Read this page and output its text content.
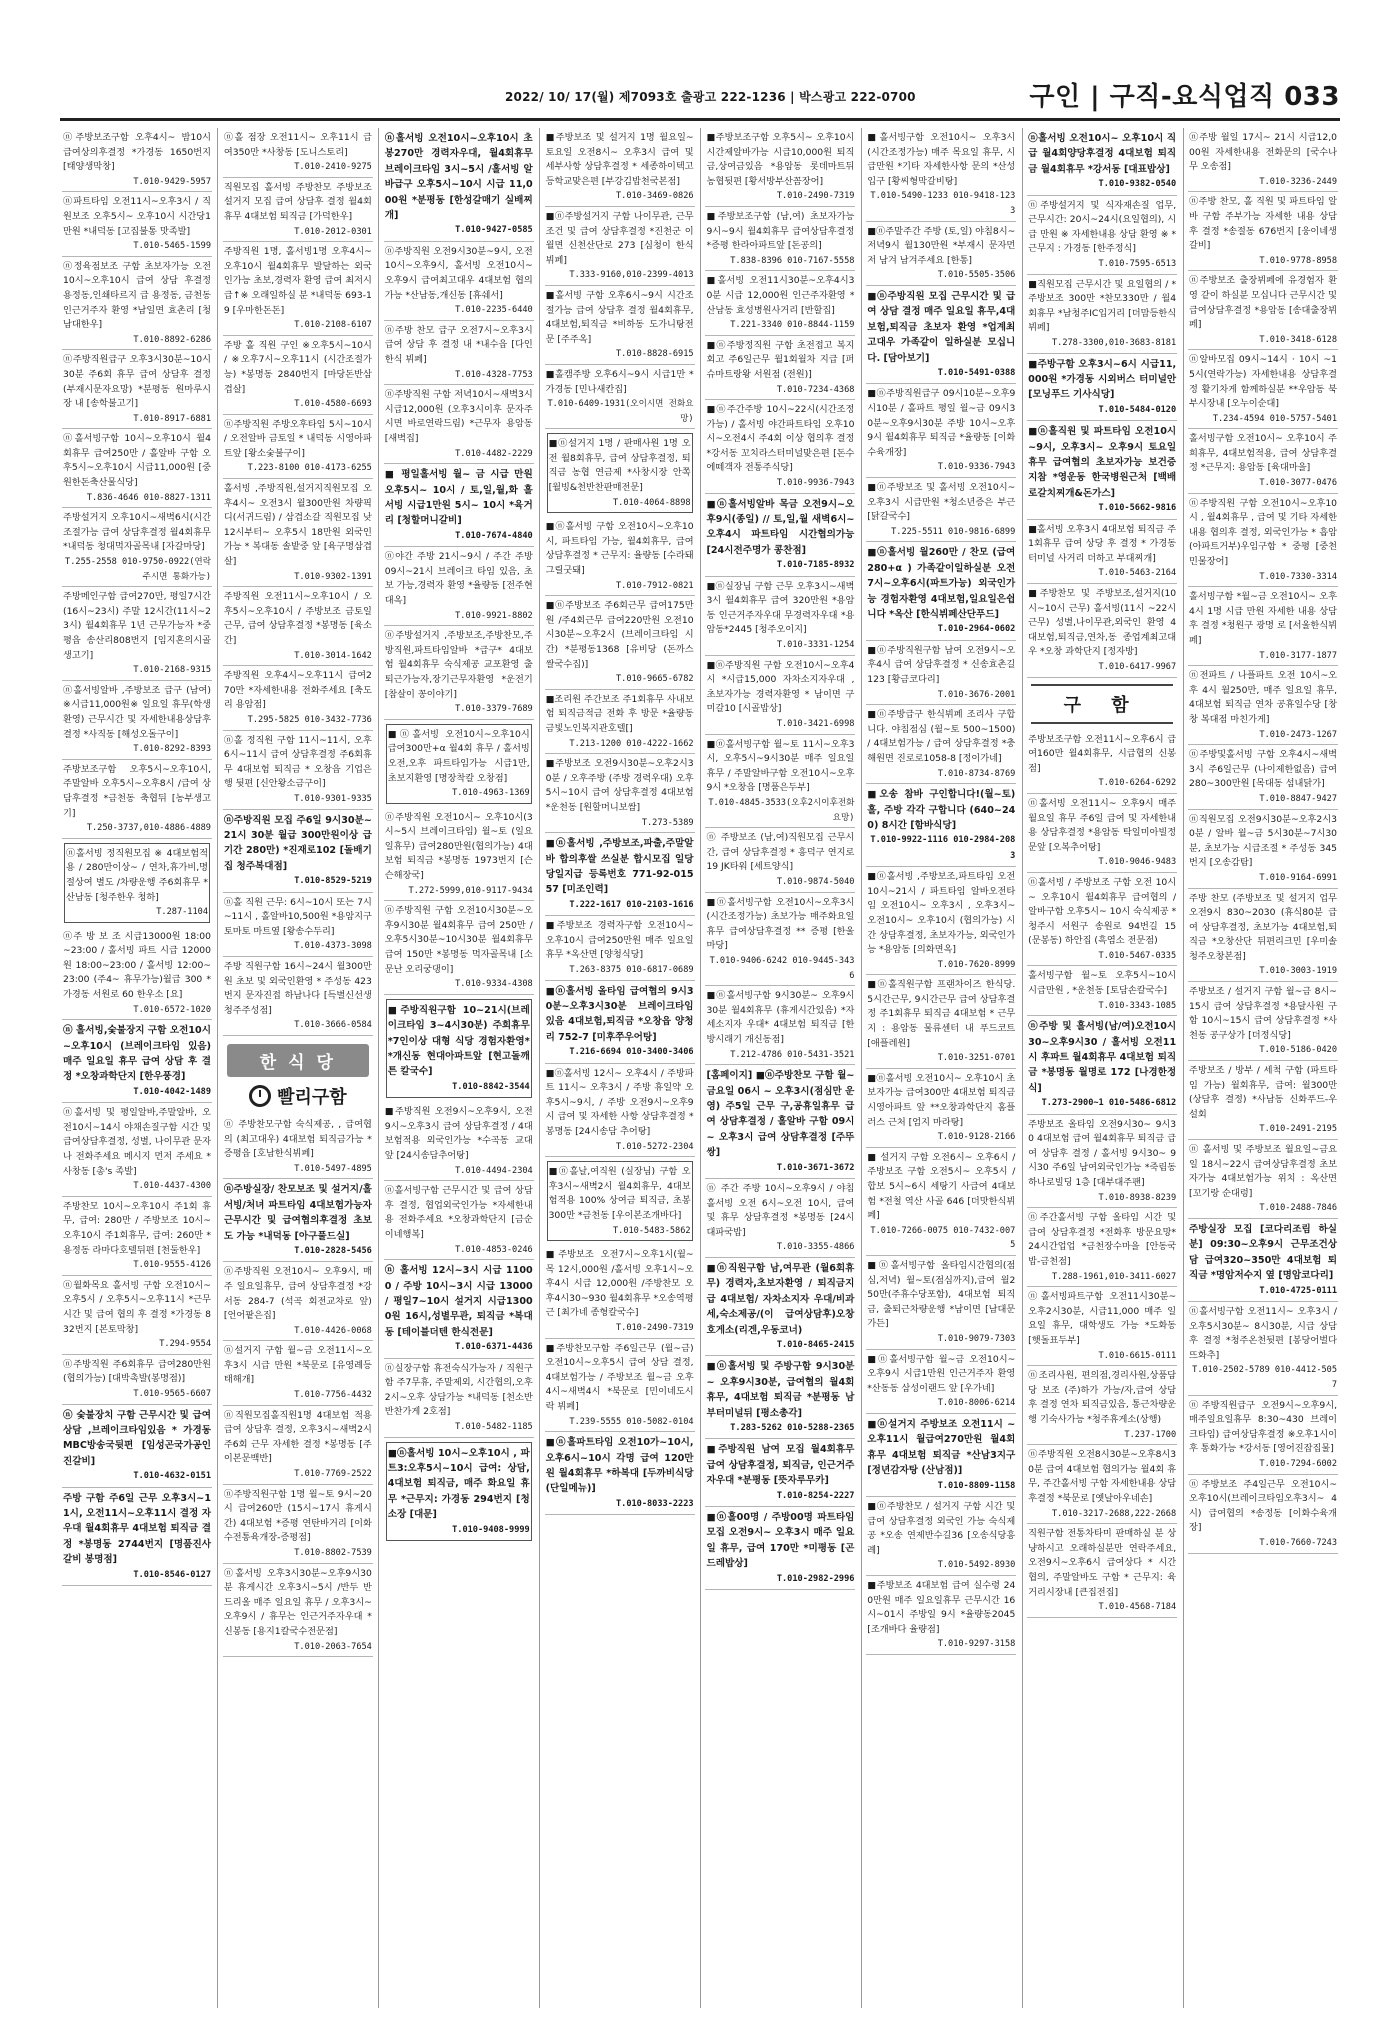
2022/ 10/ 17(월) 제7093호 출광고 222-1236 | 박스광고 222-0700	구인 | 구직-요식업직 033
ⓝ주방보조구함 오후4시~ 밤10시 급여상의후결정 *가경동 1650번지 [태양생막창]
T.010-9429-5957
ⓝ파트타임 오전11시~오후3시 / 직원보조 오후5시~ 오후10시 시간당1만원 *내덕동 [고집불통 맛족발]
T.010-5465-1599
ⓝ정육점보조 구함 초보자가능 오전10시~오후10시 급여 상담 후결정 용정동,인쇄타르지 급 용정동, 금천동 인근거주자 환영 *남일면 효촌리 [청남대한우]
T.010-8892-6286
ⓝ주방직원급구 오후3시30분~10시30분 주6회 휴무 급여 상담후 결정 (부재시문자요망) *분평동 원마루시장 내 [송학불고기]
T.010-8917-6881
ⓝ홀서빙구함 10시~오후10시 월4회휴무 급여250만 / 홀알바 구함 오후5시~오후10시 시급11,000원 [중원한돈축산물식당]
T.836-4646 010-8827-1311
주방설거지 오후10시~새벽6시(시간조절가능 급여 상담후결정 월4회휴무 *내덕동 청대먹자골목내 [자갈마당]
T.255-2558 010-9750-0922(연락주시면 통화가능)
주방메인구함 급여270만, 평일7시간(16시~23시) 주말 12시간(11시~23시) 월4회휴무 1년 근무가능자 *중평읍 송산리808번지 [임지혼의시골생고기]
T.010-2168-9315
ⓝ홀서빙알바 ,주방보조 급구 (남여) ※시급11,000원※ 일요일 휴무(학생환영) 근무시간 및 자세한내용상담후결정 *사직동 [해성오돌구이]
T.010-8292-8393
주방보조구함 오후5시~오후10시, 주말알바 오후5시~오후8시 /급여 상담후결정 *금천동 축협뒤 [농부생고기]
T.250-3737,010-4886-4889
ⓝ홀서빙 정직원모집 ※ 4대보험적용 / 280만이상~ / 연차,휴가비,명절상여 별도 /차량운행 주6회휴무 *산남동 [청주한우 청하]
T.287-1104
ⓝ주 방 보 조 시급13000원 18:00~23:00 / 홀서빙 파트 시급 12000원 18:00~23:00 / 홀서빙 12:00~23:00 (주4~ 휴무가능)월급 300 *가경동 서원로 60 한우소 [요]
T.010-6572-1020
ⓝ 홀서빙,숯불장지 구함 오전10시~오후10시 (브레이크타임 있음) 매주 일요일 휴무 급여 상담 후 결정 *오창과학단지 [한우풍경]
T.010-4042-1489
ⓝ홀서빙 및 평일알바,주말알바, 오전10시~14시 야채손질구함 시간 및 급여상담후결정, 성별, 나이무관 문자나 전화주세요 메시지 먼저 주세요 *사창동 [총's 족발]
T.010-4437-4300
주방찬모 10시~오후10시 주1회 휴무, 급여: 280만 / 주방보조 10시~오후10시 주1회휴무, 급여: 260만 *용정동 라마다호텔뒤편 [천둘한우]
T.010-9555-4126
ⓝ월화목요 홀서빙 구함 오전10시~오후5시 / 오후5시~오후11시 *근무시간 및 급여 협의 후 결정 *가경동 832번지 [본토막창]
T.294-9554
ⓝ주방직원 주6회휴무 급여280만원(협의가능) [대박촉발(봉명점)]
T.010-9565-6607
ⓝ 숯불장치 구함 근무시간 및 급여 상담 ,브레이크타임있음 * 가경동 MBC방송국뒷편 [임성곤국가공인진갈비]
T.010-4632-0151
주방 구함 주6일 근무 오후3시~11시, 오전11시~오후11시 결정 자 우대 월4회휴무 4대보험 퇴직금 결정 *봉명동 2744번지 [명품진사갈비 봉명점]
T.010-8546-0127
ⓝ홀 점장 오전11시~ 오후11시 급여350만 *사창동 [도니스토리]
T.010-2410-9275
직원모집 홀서빙 주방찬모 주방보조 설거지 모집 급여 상담후 결정 월4회휴무 4대보험 퇴직금 [가덕한우]
T.010-2012-0301
주방직원 1명, 홀서빙1명 오후4시~오후10시 월4회휴무 발달하는 외국인가능 초보,경력자 환영 급여 최저시급↑※ 오래일하실 분 *내덕동 693-19 [우마한돈돈]
T.010-2108-6107
주방 홀 직원 구인 ※오후5시~10시 / ※오후7시~오후11시 (시간조절가능) *봉명동 2840번지 [마당돈반삼겹살]
T.010-4580-6693
ⓝ주방직원 주방오후타임 5시~10시 / 오전알바 금토일 * 내덕동 시영아파트앞 [왕소숯불구이]
T.223-8100 010-4173-6255
홀서빙 ,주방직원,설거지직원모집 오후4시~ 오전3시 월300만원 차량픽디(서귀드림) / 삼겹소갈 직원모집 낮12시부터~ 오후5시 18만원 외국인가능 * 복대동 솔밭중 앞 [육구명삼겹살]
T.010-9302-1391
주방직원 오전11시~오후10시 / 오후5시~오후10시 / 주방보조 금토일 근무, 급여 상담후결정 *봉명동 [육소간]
T.010-3014-1642
주방직원 오후4시~오후11시 급여270만 *자세한내용 전화주세요 [축도리 용암점]
T.295-5825 010-3432-7736
ⓝ홀 정직원 구함 11시~11시, 오후6시~11시 급여 상담후결정 주6회휴무 4대보험 퇴직금 * 오창읍 기업은행 뒷편 [신안왕소금구이]
T.010-9301-9335
ⓝ주방직원 모집 주6일 9시30분~21시 30분 월급 300만원이상 급기간 280만) *진재로102 [돌배기집 청주복대점]
T.010-8529-5219
ⓝ홀 직원 근무: 6시~10시 또는 7시~11시 , 홀알바10,500원 *용암지구 토마토 마트옆 [왕송수두리]
T.010-4373-3098
주방 직원구함 16시~24시 월300만원 초보 및 외국인환영 * 주성동 423번지 문자진접 하남나다 [득별신선생 청주주성점]
T.010-3666-0584
한 식 당
빨리구함
ⓝ 주방찬모구함 숙식제공, , 급여협의 (최고대우) 4대보험 퇴직금가능 *증평읍 [호남한식뷔페]
T.010-5497-4895
ⓝ주방실장/ 찬모보조 및 설거지/홀서빙/처녀 파트타임 4대보험가능자 근무시간 및 급여협의후결정 초보도 가능 *내덕동 [아구풀드실]
T.010-2828-5456
ⓝ주방직원 오전10시~ 오후9시, 매주 일요일휴무, 급여 상담후결정 *강서동 284-7 (석곡 회전교차로 앞) [언어팥은집]
T.010-4426-0068
ⓝ설거지 구함 월~금 오전11시~오후3시 시급 만원 *북문로 [유영례등태해개]
T.010-7756-4432
ⓝ직원모집홀직원1명 4대보험 적용 급여 상담후 결정, 오후3시~새벽2시 주6회 근무 자세한 결정 *봉명동 [주이본문백반]
T.010-7769-2522
ⓝ주방직원구함 1명 월~토 9시~20시 급여260만 (15시~17시 휴게시간) 4대보험 *증평 연탄바거리 [이화수전통육개장-증평점]
T.010-8802-7539
ⓝ홀서빙 오후3시30분~오후9시30분 휴게시간 오후3시~5시 /반두 반드리올 매주 일요일 휴무 / 오후3시~오후9시 / 휴무는 인근거주자우대 *신봉동 [용지1칼국수전문점]
T.010-2063-7654
ⓝ홀서빙 오전10시~오후10시 초봉270만 경력자우대, 월4회휴무 브레이크타임 3시~5시 /홀서빙 알바급구 오후5시~10시 시급 11,000원 *분평동 [한성갈매기 실배찌개]
T.010-9427-0585
ⓝ주방직원 오전9시30분~9시, 오전10시~오후9시, 홀서빙 오전10시~오후9시 급여최고대우 4대보험 협의 가능 *산남동,개신동 [휴쉐서]
T.010-2235-6440
ⓝ주방 찬모 급구 오전7시~오후3시 급여 상담 후 결정 내 *내수읍 [다인 한식 뷔페]
T.010-4328-7753
ⓝ주방직원 구함 저녁10시~새벽3시 시급12,000원 (오후3시이후 문자주시면 바로연락드림) *근무자 용암동 [새벽집]
T.010-4482-2229
■ 평일홀서빙 월~ 금 시급 만원 오후5시~ 10시 / 토,일,월,화 홀서빙 시급1만원 5시~ 10시 *육거리 [청할머니갈비]
T.010-7674-4840
ⓝ야간 주방 21시~9시 / 주간 주방 09시~21시 브레이크 타임 있음, 초보 가능,경력자 환영 *율량동 [전주현대옥]
T.010-9921-8802
ⓝ주방설거지 ,주방보조,주방찬모,주방직원,파트타임알바 *급구* 4대보험 월4회휴무 숙식제공 교포환영 출퇴근가능자,장기근무자환영 *운전기 [참살이 꽁이야기]
T.010-3379-7689
■ⓝ홀서빙 오전10시~오후10시 급여300만+α 월4회 휴무 / 홀서빙 오전,오후 파트타임가능 시급1만, 초보지환영 [명장착칼 오창점]
T.010-4963-1369
ⓝ주방직원 오전10시~ 오후10시(3시~5시 브레이크타임) 월~토 (일요일휴무) 급여280만원(협의가능) 4대보험 퇴직금 *봉명동 1973번지 [슨슨해장국]
T.272-5999,010-9117-9434
ⓝ주방직원 구함 오전10시30분~오후9시30분 월4회휴무 급여 250만 / 오후5시30분~10시30분 월4회휴무 급여 150만 *봉명동 먹자골목내 [소문난 오리궁댕이]
T.010-9334-4308
■주방직원구함 10~21시(브레이크타임 3~4시30분) 주희휴무 *7인이상 대형 식당 경험자환영* *개신동 현대아파트앞 [현고돌깨튼 칼국수]
T.010-8842-3544
■주방직원 오전9시~오후9시, 오전9시~오후3시 급여 상담후결정 / 4대보험적용 외국인가능 *수곡동 교대 앞 [24시송담추어탕]
T.010-4494-2304
ⓝ홀서빙구함 근무시간 및 급여 상담 후 결정, 협업외국인가능 *자세한내용 전화주세요 *오창과학단지 [금순이네행복]
T.010-4853-0246
ⓝ 홀서빙 12시~3시 시급 11000 / 주방 10시~3시 시급 13000 / 평일7~10시 설거지 시급13000원 16시,성별무관, 퇴직금 *복대동 [테이블더텐 한식전문]
T.010-6371-4436
ⓝ실장구함 휴전숙식가능자 / 직원구함 주7무휴, 주말제외, 시간협의,오후2시~오후 상담가능 *내덕동 [천소반 반찬가게 2호점]
T.010-5482-1185
■ⓝ홀서빙 10시~오후10시 , 파트3:오후5시~10시 급여: 상담, 4대보험 퇴직금, 매주 화요일 휴무 *근무지: 가경동 294번지 [청소장 [대문]
T.010-9408-9999
■주방보조 및 설거지 1명 월요일~토요일 오전8시~ 오후3시 급여 및 세부사항 상담후결정 * 세종하이텍고등학교맞은편 [부강김밥천국본점]
T.010-3469-0826
■ⓝ주방설거지 구함 나이무관, 근무 조건 및 급여 상담후결정 *진천군 이월면 신천산단로 273 [심청이 한식뷔페]
T.333-9160,010-2399-4013
■홀서빙 구함 오후6시~9시 시간조절가능 급여 상담후 결정 월4회휴무,4대보험,퇴직금 *비하동 도가니탕전문 [주주옥]
T.010-8828-6915
■홀캠주방 오후6시~9시 시급1만 *가경동 [민나새칸집]
T.010-6409-1931(오이시면 전화요망)
■ⓝ설거지 1명 / 판매사원 1명 오전 월8회휴무, 급여 상담후결정, 퇴직금 농협 연금제 *사창시장 안쪽 [월빙&천반찬판매전문]
T.010-4064-8898
■ⓝ홀서빙 구함 오전10시~오후10시, 파트타임 가능, 월4회휴무, 급여 상담후결정 * 근무지: 율량동 [수라돼그릴굿돼]
T.010-7912-0821
■ⓝ주방보조 주6회근무 급여175만원 /주4회근무 급여220만원 오전10시30분~오후2시 (브레이크타임 시간) *분평동1368 [유비당 (돈까스 쌀국수집)]
T.010-9665-6782
■조리원 주간보조 주1회휴무 사내보험 퇴직금적금 전화 후 방문 *율량동 금빛노인복지관호텔[]
T.213-1200 010-4222-1662
■주방보조 오전9시30분~오후2시30분 / 오후주방 (주방 경력우대) 오후5시~10시 급여 상담후결정 4대보험 *운천동 [원할머니보쌈]
T.273-5389
■ⓝ홀서빙 ,주방보조,파출,주말알바 합의후쌀 쓰실분 합시모집 일당 당일지급 등록번호 771-92-01557 [미조인력]
T.222-1617 010-2103-1616
■주방보조 경력자구함 오전10시~오후10시 급여250만원 매주 일요일휴무 *옥산면 [양청식당]
T.263-8375 010-6817-0689
■ⓝ홀서빙 올타임 급여협의 9시30분~오후3시30분 브레이크타임 있음 4대보험,퇴직금 *오창읍 양청리 752-7 [미후쭈우어탕]
T.216-6694 010-3400-3406
■ⓝ홀서빙 12시~ 오후4시 / 주방파트 11시~ 오후3시 / 주방 휴일약 오후5시~9시, / 주방 오전9시~오후9시 급여 및 자세한 사항 상담후결정 *봉명동 [24시송담 추어탕]
T.010-5272-2304
■ⓝ홀날,여직원 (실장님) 구함 오후3시~새벽2시 월4회휴무, 4대보험적용 100% 상여금 퇴직금, 초봉300만 *금천동 [우이본조개바다]
T.010-5483-5862
■주방보조 오전7시~오후1시(월~목 12시,000원 /홀서빙 오후1시~오후4시 시급 12,000원 /주방찬모 오후4시30~930 월4회휴무 *오송역평근 [최가네 종형칼국수]
T.010-2490-7319
■주방찬모구함 주6일근무 (월~금) 오전10시~오후5시 급여 상담 결정, 4대보험가능 / 주방보조 월~금 오후4시~새벽4시 *북문로 [민이네도시락 뷔페]
T.239-5555 010-5082-0104
■ⓝ홀파트타임 오전10가~10시, 오후6시~10시 각명 급여 120만원 월4회휴무 *하복대 [두까비식당(단일메뉴)]
T.010-8033-2223
■주방보조구함 오후5시~ 오후10시 시간제알바가능 시급10,000원 퇴직금,상여금있음 *용암동 롯데마트뒤 농협뒷편 [황서방부산꼼장어]
T.010-2490-7319
■주방보조구함 (남,여) 초보자가능 9시~9시 월4회휴무 급여상담후결정 *증평 한라아파트앞 [돈공의]
T.838-8396 010-7167-5558
■홀서빙 오전11시30분~오후4시30분 시급 12,000원 인근주자환영 *산남동 효성병원사거리 [반할집]
T.221-3340 010-8844-1159
■ⓝ주방정직원 구함 초전접고 복지회고 주6일근무 월1회월차 지급 [퍼슈마트랑왕 서원점 (전원)]
T.010-7234-4368
■ⓝ주간주방 10시~22시(시간조정가능) / 홀서빙 야간파트타임 오후10시~오전4시 주4회 이상 협의후 결정 *강서동 꼬치라스터미널맞은편 [돈수에떼객자 전통주식당]
T.010-9936-7943
■ⓝ홀서빙알바 목금 오전9시~오후9시(종일) // 토,일,월 새벽6시~ 오후4시 파트타임 시간협의가능 [24시전주명가 콩찬점]
T.010-7185-8932
■ⓝ실장님 구함 근무 오후3시~새벽3시 월4회휴무 급여 320만원 *용암동 인근거주자우대 무경력자우대 *용암동*2445 [청주오이지]
T.010-3331-1254
■ⓝ주방직원 구함 오전10시~오후4시 *시급15,000 자차소지자우대 , 초보자가능 경력자환영 * 남이면 구미갈10 [시골밥상]
T.010-3421-6998
■ⓝ홀서빙구함 월~토 11시~오후3시, 오후5시~9시30분 매주 일요일휴무 / 주말알바구함 오전10시~오후9시 *오창읍 [명품은두부]
T.010-4845-3533(오후2시이후전화요망)
ⓝ 주방보조 (남,여)직원모집 근무시간, 급여 상담후결정 * 흥덕구 연지로 19 JK타워 [세트양식]
T.010-9874-5040
■ⓝ홀서빙구함 오전10시~오후3시(시간조정가능) 초보가능 매주화요일휴무 급여상담후결정 ** 증평 [한울마당]
T.010-9406-6242 010-9445-3436
■ⓝ홀서빙구함 9시30분~ 오후9시30분 월4회휴무 (휴게시간있음) *자세소지자 우대* 4대보험 퇴직금 [한방시래기 개신동점]
T.212-4786 010-5431-3521
[홈페이지] ■ⓝ주방찬모 구함 월~ 금요일 06시 ~ 오후3시(점심만 운영) 주5일 근무 구,공휴일휴무 급여 상담후결정 / 홀알바 구함 09시~ 오후3시 급여 상담후결정 [주뚜쌍]
T.010-3671-3672
ⓝ 주간 주방 10시~오후9시 / 야침 홀서빙 오전 6시~오전 10시, 급여 및 휴무 상담후결정 *봉명동 [24시 대파국밥]
T.010-3355-4866
■ⓝ직원구함 남,여무관 (월6회휴무) 경력자,초보자환영 / 퇴직금지급 4대보험/ 자차소지자 우대/비과세,숙소제공/(이 급여상담후)오창호게소(리겐,우동코너)
T.010-8465-2415
■ⓝ홀서빙 및 주방구함 9시30분~ 오후9시30분, 급여협의 월4회휴무, 4대보험 퇴직금 *분평동 남부터미널뒤 [평소총각]
T.283-5262 010-5288-2365
■주방직원 남여 모집 월4회휴무 급여 상담후결정, 퇴직금, 인근거주자우대 *분평동 [뜻자루무카]
T.010-8254-2227
■ⓝ홀00명 / 주방00명 파트타임 모집 오전9시~ 오후3시 매주 일요일 휴무, 급여 170만 *미평동 [곤드레밥상]
T.010-2982-2996
■홀서빙구함 오전10시~ 오후3시 (시간조정가능) 매주 목요일 휴무, 시급만원 *기타 자세한사항 문의 *산성입구 [황씨형막갈비탕]
T.010-5490-1233 010-9418-1233
■ⓝ주말주간 주방 (토,일) 야침8시~저녁9시 월130만원 *부재시 문자먼저 남겨 남겨주세요 [한통]
T.010-5505-3506
■ⓝ주방직원 모집 근무시간 및 급여 상담 결정 매주 일요일 휴무,4대보험,퇴직금 초보자 환영 *업계최고대우 가족같이 일하실분 모십니다. [담아보기]
T.010-5491-0388
■ⓝ주방직원급구 09시10분~오후9시10분 / 홀파트 평일 월~금 09시30분~오후9시30분 주방 10시~오후9시 월4회휴무 퇴직금 *율량동 [이화수육개장]
T.010-9336-7943
■ⓝ주방보조 및 홀서빙 오전10시~오후3시 시급만원 *청소년증은 부근 [닭갈국수]
T.225-5511 010-9816-6899
■ⓝ홀서빙 월260만 / 찬모 (급여280+α ) 가족같이일하실분 오전7시~오후6시(파트가능) 외국인가능 경험자환영 4대보험,일요일은쉽니다 *옥산 [한식뷔페산단푸드]
T.010-2964-0602
■ⓝ주방직원구함 남여 오전9시~오후4시 급여 상담후결정 * 신송효촌길 123 [황금코다리]
T.010-3676-2001
■ⓝ주방급구 한식뷔페 조리사 구합니다. 야침점심 (월~토 500~1500) / 4대보험가능 / 급여 상담후결정 *충해원면 진로로1058-8 [정이가네]
T.010-8734-8769
■오송 참바 구인합니다!(월~토) 홀, 주방 각각 구합니다 (640~240) 8시간 [함바식당]
T.010-9922-1116 010-2984-2083
■ⓝ홀서빙 ,주방보조,파트타임 오전10시~21시 / 파트타임 알바오전타임 오전10시~ 오후3시 , 오후3시~ 오전10시~ 오후10시 (협의가능) 시간 상담후결정, 초보자가능, 외국인가능 *용암동 [의화면옥]
T.010-7620-8999
■ⓝ홀직원구함 프랜차이즈 한식당. 5시간근무, 9시간근무 급여 상담후결정 주1회휴무 퇴직금 4대보험 * 근무지 : 용암동 물류센터 내 푸드코트 [애플레원]
T.010-3251-0701
■ⓝ홀서빙 오전10시~ 오후10시 초보자가능 급여300만 4대보험 퇴직금 시영아파트 앞 **오창과학단지 홈플러스 근처 [엄지 마라탕]
T.010-9128-2166
■ 설거지 구함 오전6시~ 오후6시 / 주방보조 구함 오전5시~ 오후5시 /합보 5시~6시 세탕기 사급여 4대보험 *전철 역산 사골 646 [더맛한식뷔페]
T.010-7266-0075 010-7432-0075
■ⓝ홀서빙구함 올타임시간협의(점심,저녁) 월~토(점심까지),급여 월250만(주휴수당포함), 4대보험 퇴직금, 출퇴근차량운행 *남이면 [남대문가든]
T.010-9079-7303
■ⓝ홀서빙구함 월~금 오전10시~오후9시 시급1만원 인근거주자 환영 *산동동 삼성이랜드 앞 [우가네]
T.010-8006-6214
■ⓝ설거지 주방보조 오전11시 ~ 오후11시 월급여270만원 월4회휴무 4대보험 퇴직금 *산남3지구 [정년감자탕 (산남점)]
T.010-8809-1158
■ⓝ주방찬모 / 설거지 구함 시간 및 급여 상담후결정 외국인 가능 숙식제공 *오송 연제반수길36 [오송식당흥례]
T.010-5492-8930
■주방보조 4대보험 급여 실수령 240만원 매주 일요일휴무 근무시간 16시~01시 주방일 9시 *율량동2045 [조개바다 율량점]
T.010-9297-3158
ⓝ홀서빙 오전10시~ 오후10시 직급 월4회양당후결정 4대보험 퇴직금 월4회휴무 *강서동 [대표밥상]
T.010-9382-0540
ⓝ주방설거지 및 식자재손질 업무, 근무시간: 20시~24시(요일협의), 시급 만원 ※ 자세한내용 상담 환영 ※ * 근무지 : 가경동 [한주정식]
T.010-7595-6513
■직원모집 근무시간 및 요일협의 / *주방보조 300만 *찬모330만 / 월4회휴무 *남청주IC입거리 [더맘등한식뷔페]
T.278-3300,010-3683-8181
■주방구함 오후3시~6시 시급11,000원 *가경동 시외버스 터미널안 [모닝푸드 기사식당]
T.010-5484-0120
■ⓝ홀직원 및 파트타임 오전10시~9시, 오후3시~ 오후9시 토요일휴무 급여협의 초보자가능 보건증지참 *영운동 한국병원근처 [백배로갈치찌개&돈가스]
T.010-5662-9816
■홀서빙 오후3시 4대보험 퇴직금 주1회휴무 급여 상당 후 결정 * 가경동 터미널 사거리 더하고 부대찌개]
T.010-5463-2164
■주방찬모 및 주방보조,설거지(10시~10시 근무) 홀서빙(11시 ~22시 근무) 성별,나이무관,외국인 환영 4대보험,퇴직금,연차,동 종업계최고대우 *오창 과학단지 [정자방]
T.010-6417-9967
구 함
주방보조구함 오전11시~오후6시 급여160만 월4회휴무, 시급협의 신봉점]
T.010-6264-6292
ⓝ홀서빙 오전11시~ 오후9시 매주 월요일 휴무 주6일 급여 및 자세한내용 상담후결정 *용암동 탁일미아빌정문앞 [오복추어탕]
T.010-9046-9483
ⓝ홀서빙 / 주방보조 구함 오전 10시 ~ 오후10시 월4회휴무 급여협의 / 알바구함 오후5시~ 10시 숙식제공 *청주시 서원구 송원로 94번길 15 (문봉동) 하안집 (흑염소 전문점)
T.010-5467-0335
홀서빙구함 월~토 오후5시~10시 시급만원 , *운천동 [토담손칼국수]
T.010-3343-1085
ⓝ주방 및 홀서빙(남/여)오전10시30~오후9시30 / 홀서빙 오전11시 후파트 월4회휴무 4대보험 퇴직금 *봉명동 월명로 172 [나경한정식]
T.273-2900~1 010-5486-6812
주방보조 올타임 오전9시30~ 9시30 4대보험 급여 월4회휴무 퇴직금 급여 상담후 결정 / 홀서빙 9시30~ 9시30 주6일 남여외국인가능 *죽림동 하나로빌딩 1층 [대부대주팬]
T.010-8938-8239
ⓝ주간홀서빙 구함 올타임 시간 및 급여 상담후결정 *전화후 방문요망* 24시간업업 *금천장수마을 [안동국밥-금천점]
T.288-1961,010-3411-6027
ⓝ홀서빙파트구함 오전11시30분~오후2시30분, 시급11,000 매주 일요일 휴무, 대학생도 가능 *도화동 [햇돌표두부]
T.010-6615-0111
ⓝ조리사원, 편의점,경리사원,상품담당 보조 (주)하가 가능/자,급여 상담후 결정 연차 퇴직금있음, 통근차량운행 기숙사가능 *청주휴게소(상행)
T.237-1700
ⓝ주방직원 오전8시30분~오후8시30분 급여 4대보험 협의가능 월4회 휴무, 주간홀서빙 구함 자세한내용 상담후결정 *북문로 [옛날아우네손]
T.010-3217-2688,222-2668
직원구함 전통차타미 판매하실 분 상냥하시고 오래하실분만 연락주세요, 오전9시~오후6시 급여상다 * 시간협의, 주말알바도 구함 * 근무지: 육거리시장내 [큰집전집]
T.010-4568-7184
ⓝ주방 월일 17시~ 21시 시급12,000원 자세한내용 전화문의 [국수나무 오송점]
T.010-3236-2449
ⓝ주방 찬모, 홀 직원 및 파트타임 알바 구함 주부가능 자세한 내용 상담 후 결정 *송절동 676번지 [웅이네생갈비]
T.010-9778-8958
ⓝ주방보조 출장뷔페에 유경험자 환영 같이 하실분 모십니다 근무시간 및 급여상담후결정 *용암동 [송대출장뷔페]
T.010-3418-6128
ⓝ알바모집 09시~14시 · 10시 ~15시(연락가능) 자세한내용 상담후결정 활기차게 함께하실분 **우암동 북부시장내 [오누이순대]
T.234-4594 010-5757-5401
홀서빙구함 오전10시~ 오후10시 주희휴무, 4대보험적용, 급여 상담후결정 *근무지: 용암동 [육대마을]
T.010-3077-0476
ⓝ주방직원 구함 오전10시~오후10시 , 월4회휴무 , 급여 및 기타 자세한 내용 협의후 결정, 외국인가능 * 흡암(아파트거부)우임구함 * 중평 [중천민물장어]
T.010-7330-3314
홀서빙구함 *월~금 오전10시~ 오후4시 1명 시급 만원 자세한 내용 상담후 결정 *청원구 광명 로 [서울한식뷔페]
T.010-3177-1877
ⓝ전파트 / 나플파트 오전 10시~오후 4시 월250만, 매주 일요일 휴무, 4대보험 퇴직금 연차 공휴일수당 [창창 복대점 마친가게]
T.010-2473-1267
ⓝ주방및홀서빙 구함 오후4시~새벽3시 주6일근무 (나이제한없음) 급여280~300만원 [목대동 섬내닭가]
T.010-8847-9427
ⓝ직원모집 오전9시30분~오후2시30분 / 알바 월~금 5시30분~7시30분, 초보가능 시급조절 * 주성동 345번지 [오송감탐]
T.010-9164-6991
주방 찬모 (주방보조 및 설거지 업무 오전9시 830~2030 (휴식80분 급여 상담후결정, 초보가능 4대보험,퇴직금 *오창산단 뒤편리크민 [우미솔 청주오창본점]
T.010-3003-1919
주방보조 / 설거지 구함 월~금 8시~15시 급여 상담후결정 *용달사원 구함 10시~15시 급여 상담후결정 *사천동 공구상가 [더정식당]
T.010-5186-0420
주방보조 / 방부 / 세척 구함 (파트타임 가능) 월회휴무, 급여: 월300만(상담후 결정) *사남동 신화푸드-우설회
T.010-2491-2195
ⓝ 홀서빙 및 주방보조 월요일~금요일 18시~22시 급여상담후결정 초보자가능 4대보험가능 위치 : 옥산면 [꼬기랑 순대렁]
T.010-2488-7846
주방실장 모집 [코다리조림 하실분] 09:30~오후9시 근무조건상담 급여320~350만 4대보험 퇴직금 *명암저수지 옆 [명암코다리]
T.010-4725-0111
ⓝ홀서빙구함 오전11시~ 오후3시 / 오후5시30분~ 8시30분, 시급 상담후 결정 *청주온천뒷편 [봉당어벌다뜨화추]
T.010-2502-5789 010-4412-5057
ⓝ주방직원급구 오전9시~오후9시, 매주일요일휴무 8:30~430 브레이크타임) 급여상담후결정 ※오후1시이후 통화가능 *강서동 [영어진잡집물]
T.010-7294-6002
ⓝ주방보조 주4일근무 오전10시~ 오후10시(브레이크타임오후3시~ 4시) 급여협의 *송정동 [이화수육개장]
T.010-7660-7243
